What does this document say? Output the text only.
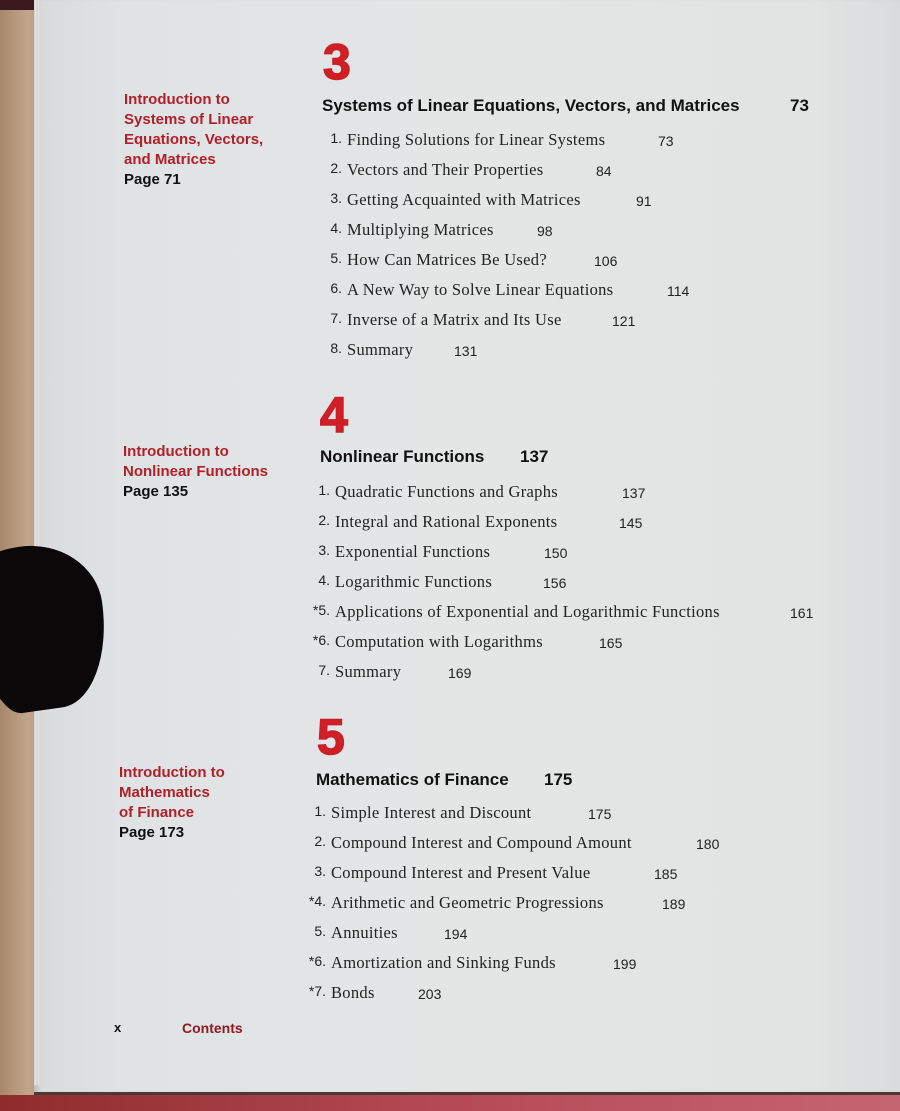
Introduction to
Systems of Linear
Equations, Vectors,
and Matrices
Page 71
3
Systems of Linear Equations, Vectors, and Matrices	73
1. Finding Solutions for Linear Systems	73
2. Vectors and Their Properties	84
3. Getting Acquainted with Matrices	91
4. Multiplying Matrices	98
5. How Can Matrices Be Used?	106
6. A New Way to Solve Linear Equations	114
7. Inverse of a Matrix and Its Use	121
8. Summary	131
Introduction to
Nonlinear Functions
Page 135
4
Nonlinear Functions 137
1. Quadratic Functions and Graphs	137
2. Integral and Rational Exponents	145
3. Exponential Functions	150
4. Logarithmic Functions	156
*5. Applications of Exponential and Logarithmic Functions	161
*6. Computation with Logarithms	165
7. Summary	169
Introduction to
Mathematics
of Finance
Page 173
5
Mathematics of Finance 175
1. Simple Interest and Discount	175
2. Compound Interest and Compound Amount	180
3. Compound Interest and Present Value	185
*4. Arithmetic and Geometric Progressions	189
5. Annuities	194
*6. Amortization and Sinking Funds	199
*7. Bonds	203
x	Contents
